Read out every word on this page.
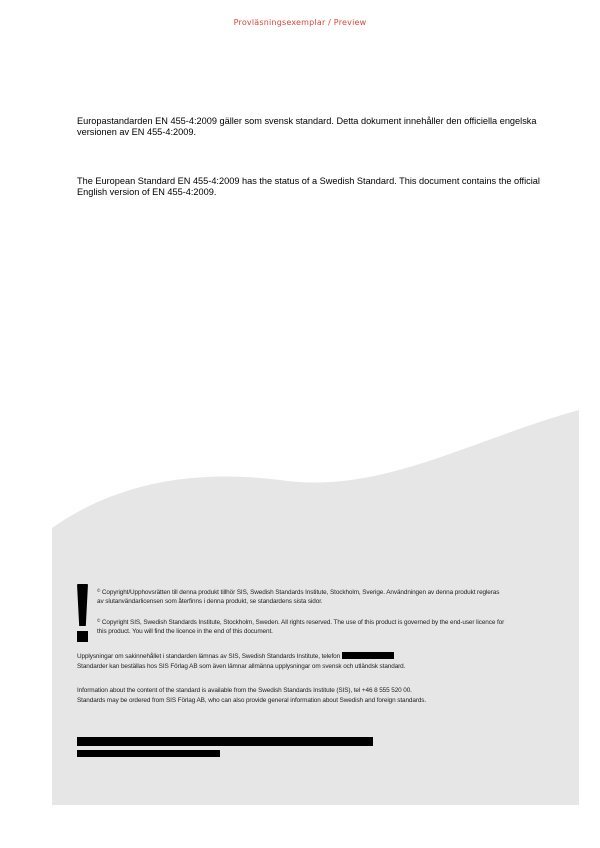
Provläsningsexemplar / Preview

Europastandarden EN 455-4:2009 gäller som svensk standard. Detta dokument innehåller den officiella engelska versionen av EN 455-4:2009.

The European Standard EN 455-4:2009 has the status of a Swedish Standard. This document contains the official English version of EN 455-4:2009.

© Copyright/Upphovsrätten till denna produkt tillhör SIS, Swedish Standards Institute, Stockholm, Sverige. Användningen av denna produkt regleras av slutanvändarlicensen som återfinns i denna produkt, se standardens sista sidor.

© Copyright SIS, Swedish Standards Institute, Stockholm, Sweden. All rights reserved. The use of this product is governed by the end-user licence for this product. You will find the licence in the end of this document.

Upplysningar om sakinnehållet i standarden lämnas av SIS, Swedish Standards Institute, telefon
Standarder kan beställas hos SIS Förlag AB som även lämnar allmänna upplysningar om svensk och utländsk standard.

Information about the content of the standard is available from the Swedish Standards Institute (SIS), tel +46 8 555 520 00.
Standards may be ordered from SIS Förlag AB, who can also provide general information about Swedish and foreign standards.
